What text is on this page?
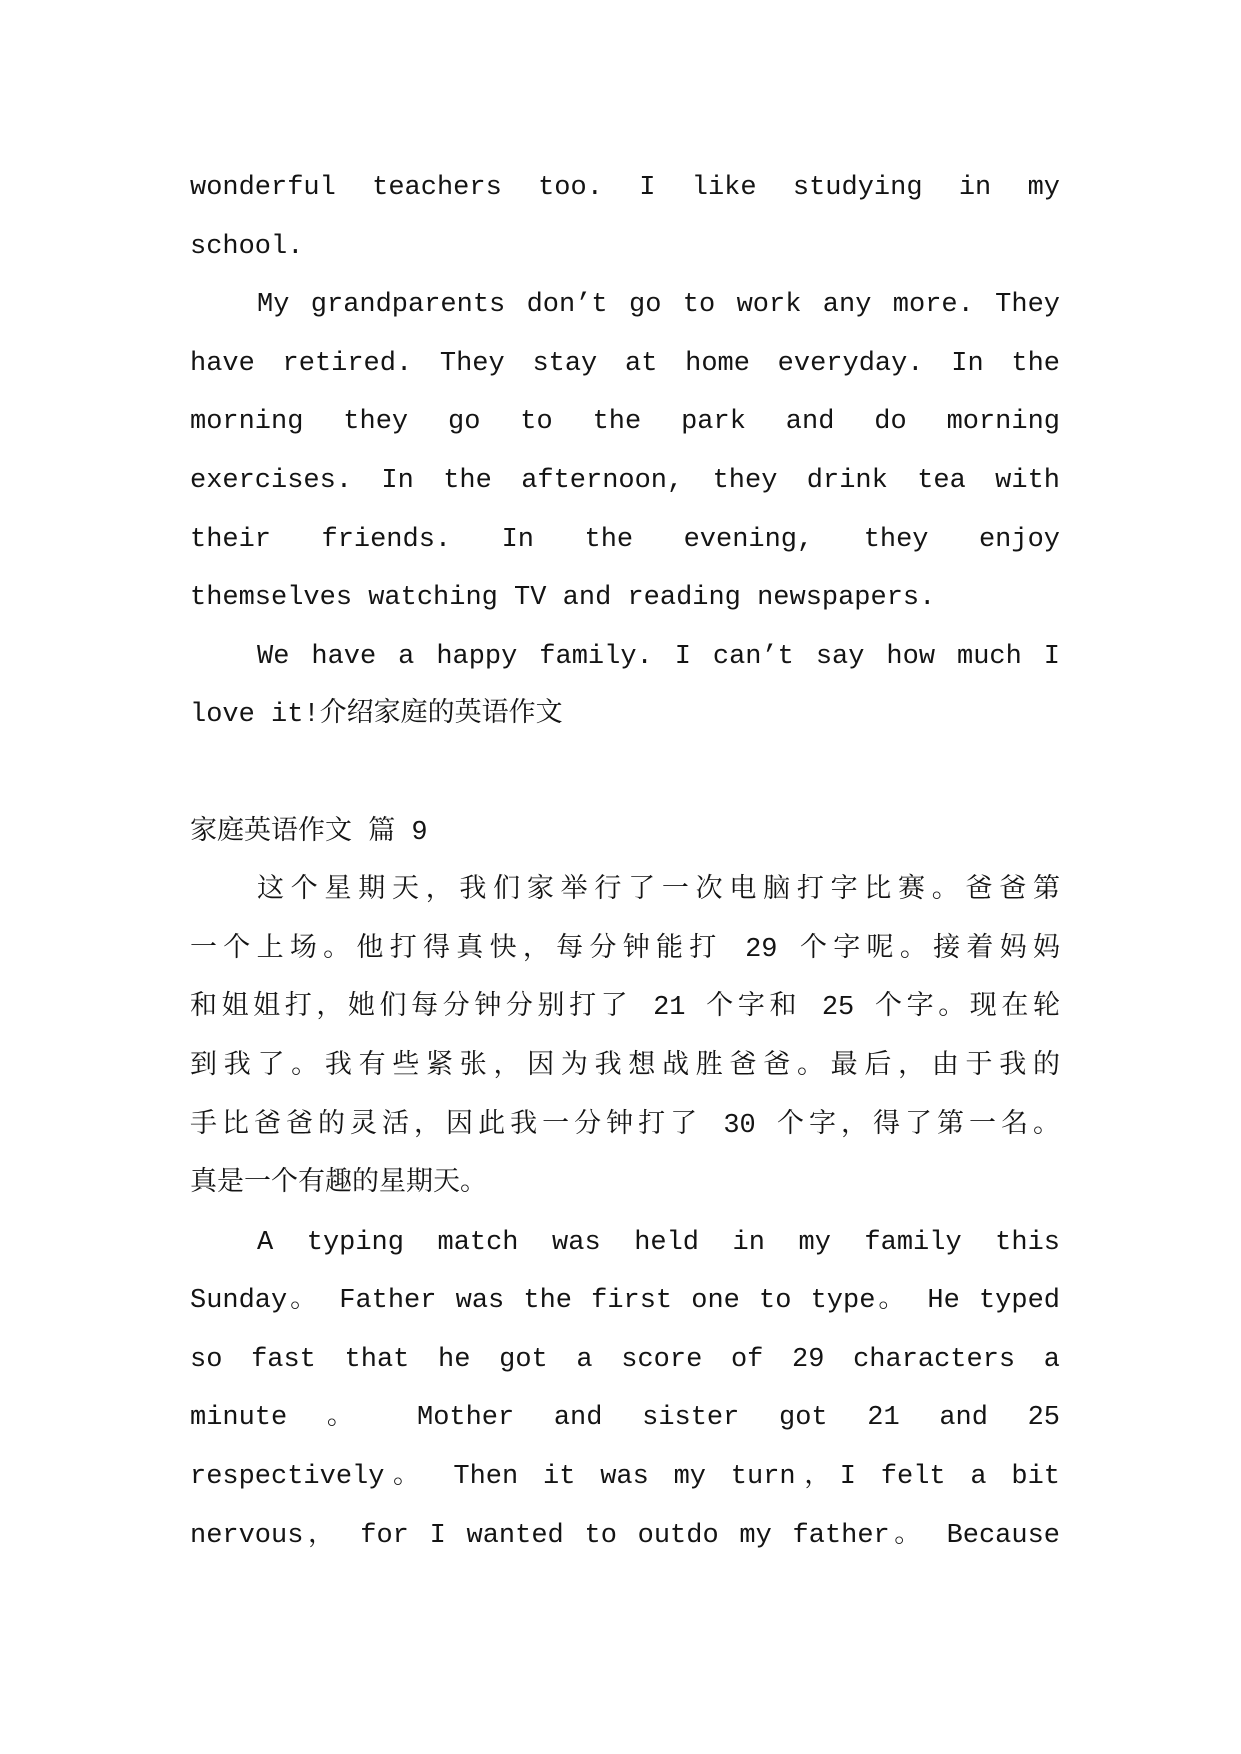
wonderful teachers too. I like studying in my
school.
My grandparents don’t go to work any more. They
have retired. They stay at home everyday. In the
morning they go to the park and do morning
exercises. In the afternoon, they drink tea with
their friends. In the evening, they enjoy
themselves watching TV and reading newspapers.
We have a happy family. I can’t say how much I
love it!介绍家庭的英语作文
家庭英语作文 篇 9
这个星期天，我们家举行了一次电脑打字比赛。爸爸第
一个上场。他打得真快，每分钟能打 29 个字呢。接着妈妈
和姐姐打，她们每分钟分别打了 21 个字和 25 个字。现在轮
到我了。我有些紧张，因为我想战胜爸爸。最后，由于我的
手比爸爸的灵活，因此我一分钟打了 30 个字，得了第一名。
真是一个有趣的星期天。
A typing match was held in my family this
Sunday。 Father was the first one to type。 He typed
so fast that he got a score of 29 characters a
minute 。 Mother and sister got 21 and 25
respectively。 Then it was my turn，I felt a bit
nervous， for I wanted to outdo my father。 Because
